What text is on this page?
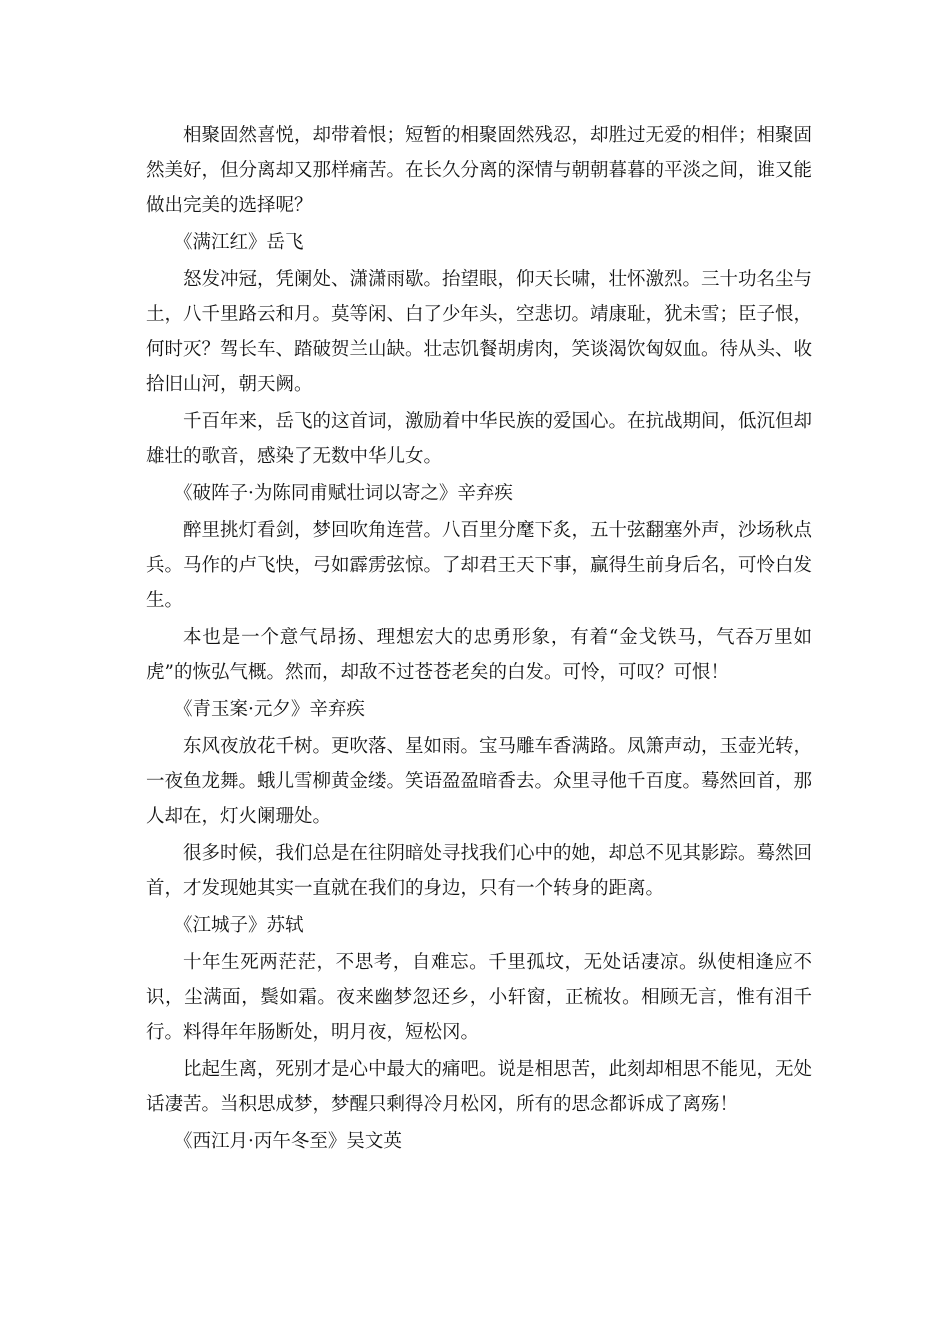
相聚固然喜悦，却带着恨；短暂的相聚固然残忍，却胜过无爱的相伴；相聚固然美好，但分离却又那样痛苦。在长久分离的深情与朝朝暮暮的平淡之间，谁又能做出完美的选择呢？

《满江红》岳飞

怒发冲冠，凭阑处、潇潇雨歇。抬望眼，仰天长啸，壮怀激烈。三十功名尘与土，八千里路云和月。莫等闲、白了少年头，空悲切。靖康耻，犹未雪；臣子恨，何时灭？驾长车、踏破贺兰山缺。壮志饥餐胡虏肉，笑谈渴饮匈奴血。待从头、收拾旧山河，朝天阙。

千百年来，岳飞的这首词，激励着中华民族的爱国心。在抗战期间，低沉但却雄壮的歌音，感染了无数中华儿女。

《破阵子·为陈同甫赋壮词以寄之》辛弃疾

醉里挑灯看剑，梦回吹角连营。八百里分麾下炙，五十弦翻塞外声，沙场秋点兵。马作的卢飞快，弓如霹雳弦惊。了却君王天下事，赢得生前身后名，可怜白发生。

本也是一个意气昂扬、理想宏大的忠勇形象，有着“金戈铁马，气吞万里如虎”的恢弘气概。然而，却敌不过苍苍老矣的白发。可怜，可叹？可恨！

《青玉案·元夕》辛弃疾

东风夜放花千树。更吹落、星如雨。宝马雕车香满路。凤箫声动，玉壶光转，一夜鱼龙舞。蛾儿雪柳黄金缕。笑语盈盈暗香去。众里寻他千百度。蓦然回首，那人却在，灯火阑珊处。

很多时候，我们总是在往阴暗处寻找我们心中的她，却总不见其影踪。蓦然回首，才发现她其实一直就在我们的身边，只有一个转身的距离。

《江城子》苏轼

十年生死两茫茫，不思考，自难忘。千里孤坟，无处话凄凉。纵使相逢应不识，尘满面，鬓如霜。夜来幽梦忽还乡，小轩窗，正梳妆。相顾无言，惟有泪千行。料得年年肠断处，明月夜，短松冈。

比起生离，死别才是心中最大的痛吧。说是相思苦，此刻却相思不能见，无处话凄苦。当积思成梦，梦醒只剩得冷月松冈，所有的思念都诉成了离殇！

《西江月·丙午冬至》吴文英
